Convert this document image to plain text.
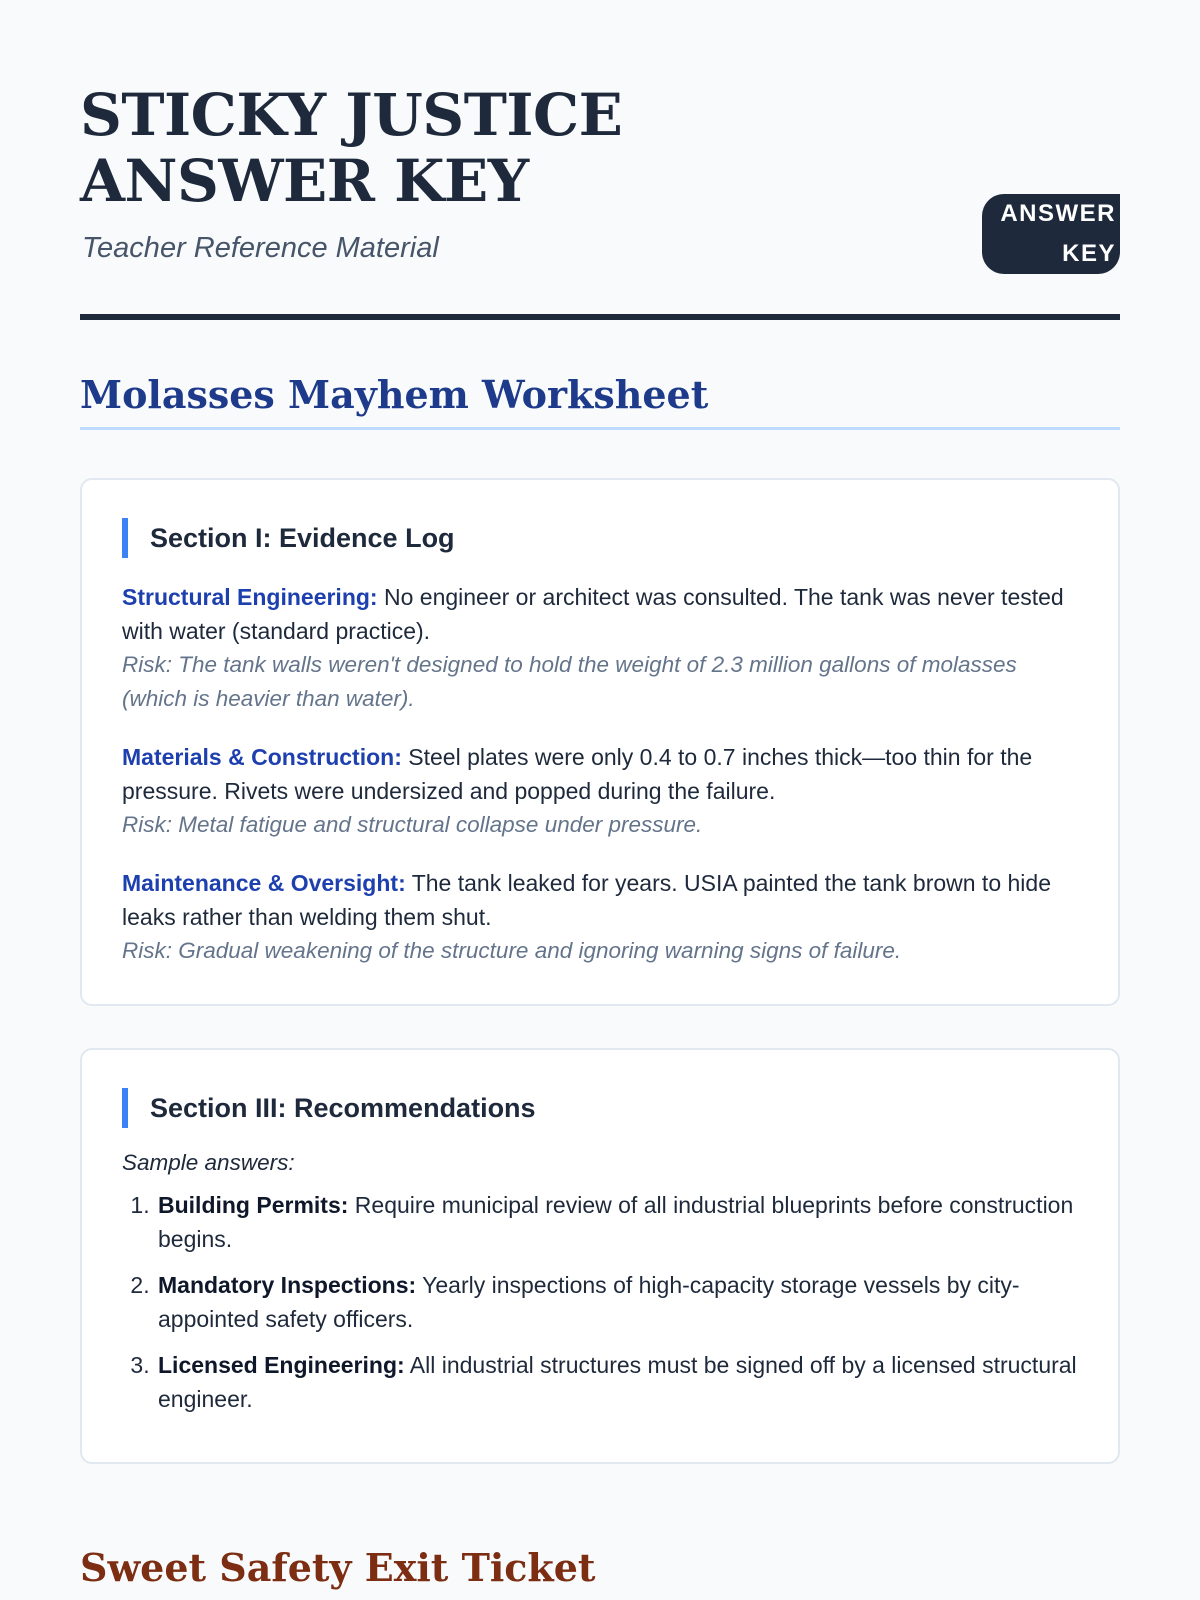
STICKY JUSTICE ANSWER KEY
Teacher Reference Material
ANSWER KEY
Molasses Mayhem Worksheet
Section I: Evidence Log
Structural Engineering: No engineer or architect was consulted. The tank was never tested with water (standard practice).
Risk: The tank walls weren't designed to hold the weight of 2.3 million gallons of molasses (which is heavier than water).
Materials & Construction: Steel plates were only 0.4 to 0.7 inches thick—too thin for the pressure. Rivets were undersized and popped during the failure.
Risk: Metal fatigue and structural collapse under pressure.
Maintenance & Oversight: The tank leaked for years. USIA painted the tank brown to hide leaks rather than welding them shut.
Risk: Gradual weakening of the structure and ignoring warning signs of failure.
Section III: Recommendations
Sample answers:
1. Building Permits: Require municipal review of all industrial blueprints before construction begins.
2. Mandatory Inspections: Yearly inspections of high-capacity storage vessels by city-appointed safety officers.
3. Licensed Engineering: All industrial structures must be signed off by a licensed structural engineer.
Sweet Safety Exit Ticket
